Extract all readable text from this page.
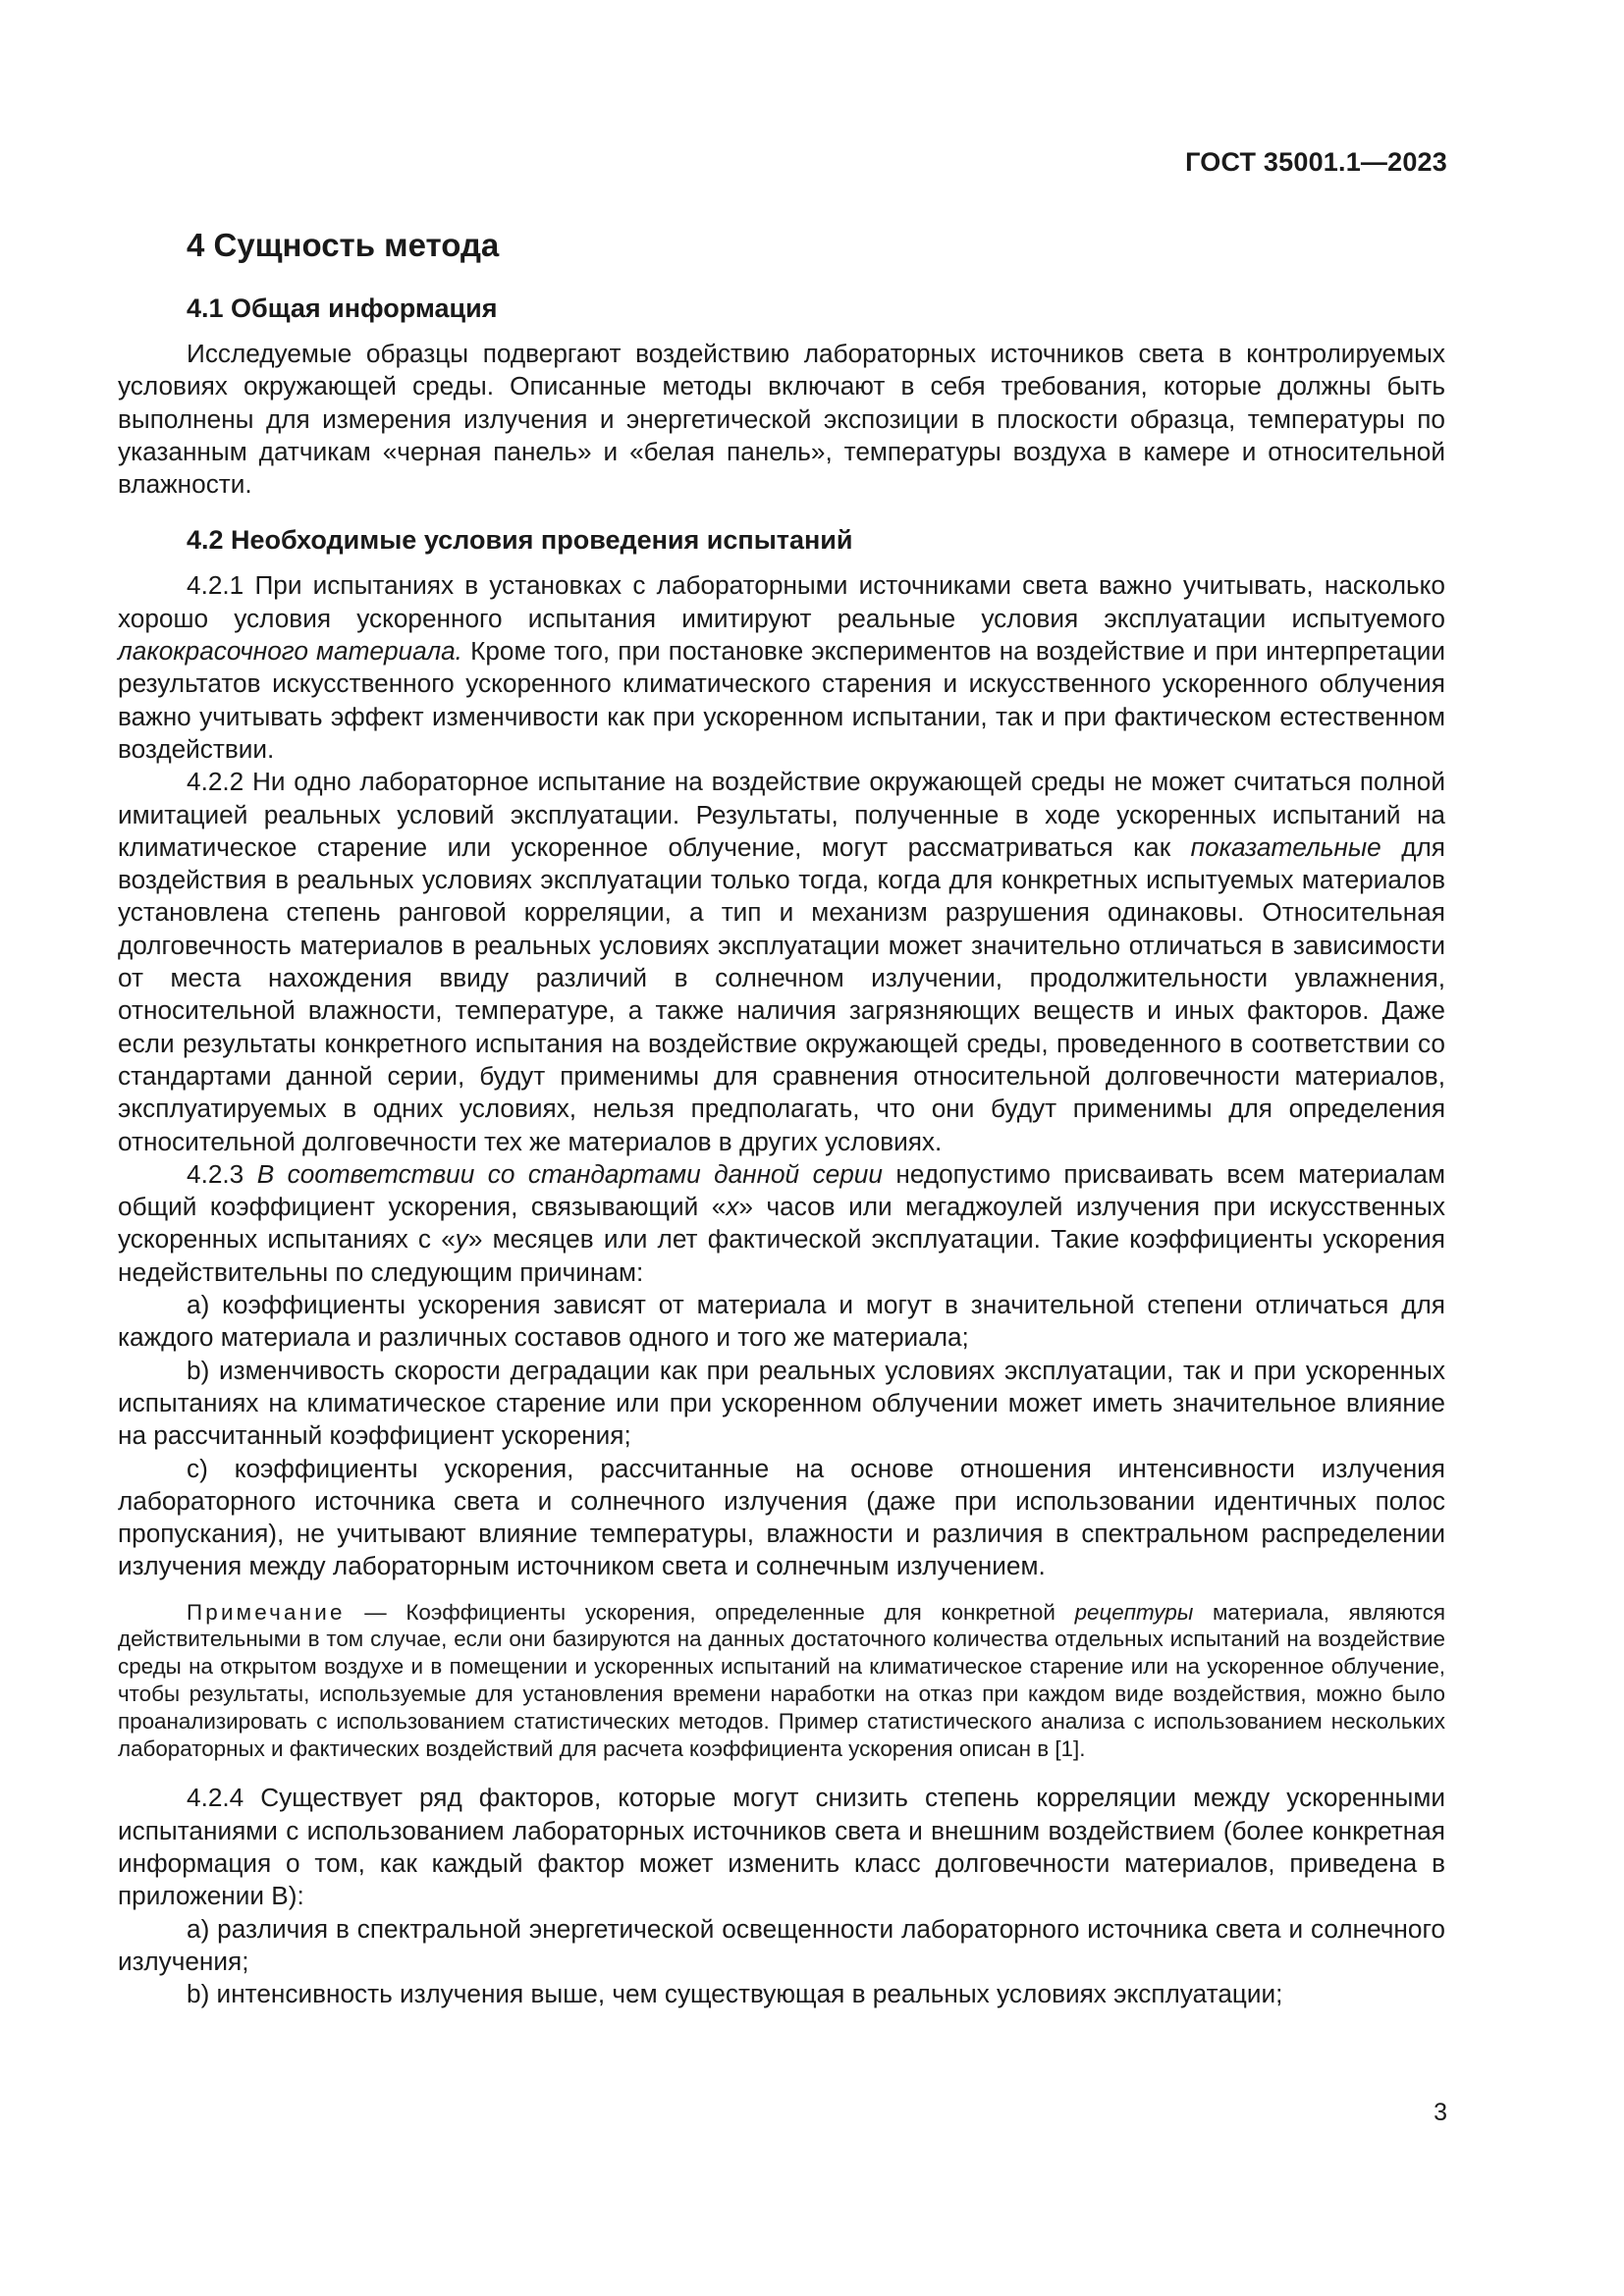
ГОСТ 35001.1—2023
4 Сущность метода
4.1 Общая информация

Исследуемые образцы подвергают воздействию лабораторных источников света в контролируемых условиях окружающей среды. Описанные методы включают в себя требования, которые должны быть выполнены для измерения излучения и энергетической экспозиции в плоскости образца, температуры по указанным датчикам «черная панель» и «белая панель», температуры воздуха в камере и относительной влажности.

4.2 Необходимые условия проведения испытаний

4.2.1 При испытаниях в установках с лабораторными источниками света важно учитывать, насколько хорошо условия ускоренного испытания имитируют реальные условия эксплуатации испытуемого лакокрасочного материала. Кроме того, при постановке экспериментов на воздействие и при интерпретации результатов искусственного ускоренного климатического старения и искусственного ускоренного облучения важно учитывать эффект изменчивости как при ускоренном испытании, так и при фактическом естественном воздействии.

4.2.2 Ни одно лабораторное испытание на воздействие окружающей среды не может считаться полной имитацией реальных условий эксплуатации. Результаты, полученные в ходе ускоренных испытаний на климатическое старение или ускоренное облучение, могут рассматриваться как показательные для воздействия в реальных условиях эксплуатации только тогда, когда для конкретных испытуемых материалов установлена степень ранговой корреляции, а тип и механизм разрушения одинаковы. Относительная долговечность материалов в реальных условиях эксплуатации может значительно отличаться в зависимости от места нахождения ввиду различий в солнечном излучении, продолжительности увлажнения, относительной влажности, температуре, а также наличия загрязняющих веществ и иных факторов. Даже если результаты конкретного испытания на воздействие окружающей среды, проведенного в соответствии со стандартами данной серии, будут применимы для сравнения относительной долговечности материалов, эксплуатируемых в одних условиях, нельзя предполагать, что они будут применимы для определения относительной долговечности тех же материалов в других условиях.

4.2.3 В соответствии со стандартами данной серии недопустимо присваивать всем материалам общий коэффициент ускорения, связывающий «х» часов или мегаджоулей излучения при искусственных ускоренных испытаниях с «у» месяцев или лет фактической эксплуатации. Такие коэффициенты ускорения недействительны по следующим причинам:

а) коэффициенты ускорения зависят от материала и могут в значительной степени отличаться для каждого материала и различных составов одного и того же материала;

b) изменчивость скорости деградации как при реальных условиях эксплуатации, так и при ускоренных испытаниях на климатическое старение или при ускоренном облучении может иметь значительное влияние на рассчитанный коэффициент ускорения;

с) коэффициенты ускорения, рассчитанные на основе отношения интенсивности излучения лабораторного источника света и солнечного излучения (даже при использовании идентичных полос пропускания), не учитывают влияние температуры, влажности и различия в спектральном распределении излучения между лабораторным источником света и солнечным излучением.

Примечание — Коэффициенты ускорения, определенные для конкретной рецептуры материала, являются действительными в том случае, если они базируются на данных достаточного количества отдельных испытаний на воздействие среды на открытом воздухе и в помещении и ускоренных испытаний на климатическое старение или на ускоренное облучение, чтобы результаты, используемые для установления времени наработки на отказ при каждом виде воздействия, можно было проанализировать с использованием статистических методов. Пример статистического анализа с использованием нескольких лабораторных и фактических воздействий для расчета коэффициента ускорения описан в [1].

4.2.4 Существует ряд факторов, которые могут снизить степень корреляции между ускоренными испытаниями с использованием лабораторных источников света и внешним воздействием (более конкретная информация о том, как каждый фактор может изменить класс долговечности материалов, приведена в приложении В):

а) различия в спектральной энергетической освещенности лабораторного источника света и солнечного излучения;

b) интенсивность излучения выше, чем существующая в реальных условиях эксплуатации;

3
